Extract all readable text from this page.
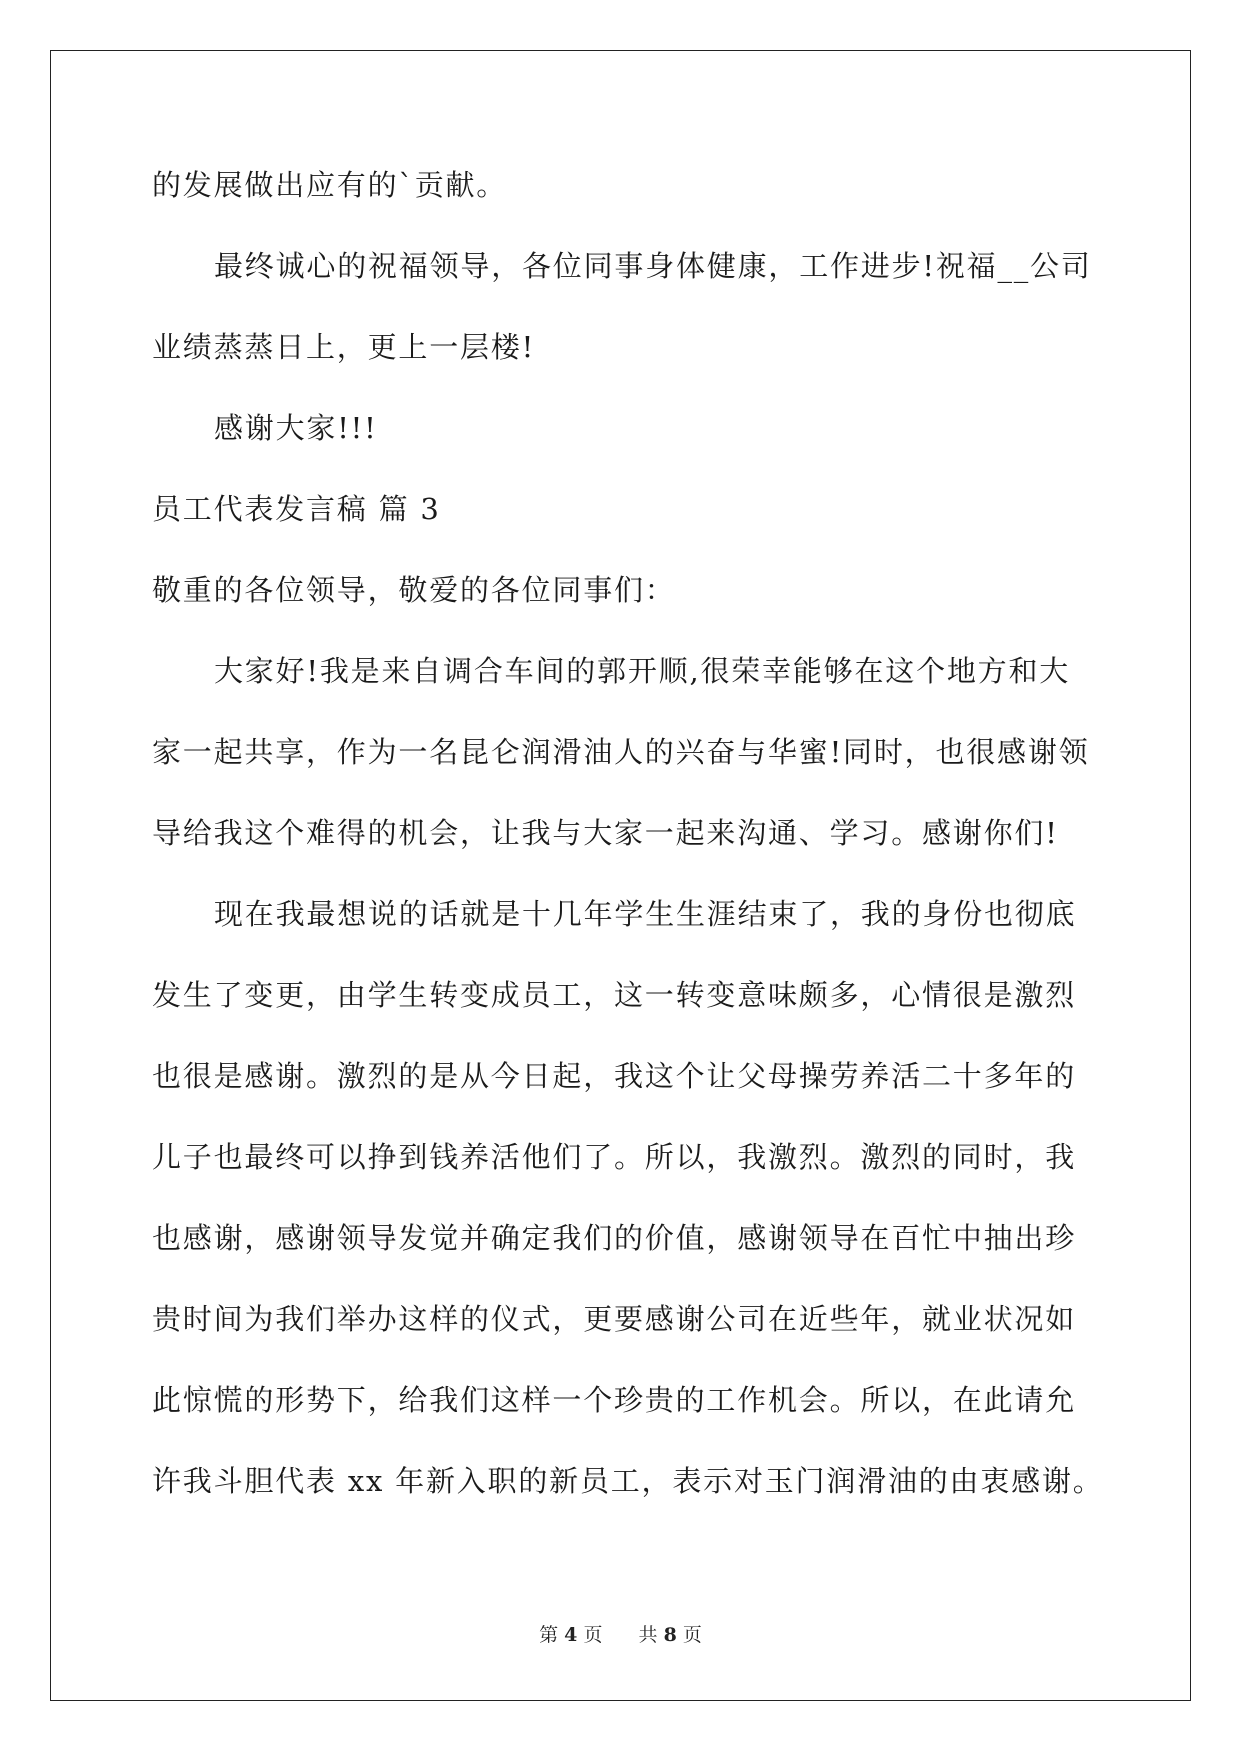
的发展做出应有的`贡献。
最终诚心的祝福领导，各位同事身体健康，工作进步!祝福__公司
业绩蒸蒸日上，更上一层楼!
感谢大家!!!
员工代表发言稿 篇 3
敬重的各位领导，敬爱的各位同事们：
大家好!我是来自调合车间的郭开顺,很荣幸能够在这个地方和大
家一起共享，作为一名昆仑润滑油人的兴奋与华蜜!同时，也很感谢领
导给我这个难得的机会，让我与大家一起来沟通、学习。感谢你们!
现在我最想说的话就是十几年学生生涯结束了，我的身份也彻底
发生了变更，由学生转变成员工，这一转变意味颇多，心情很是激烈
也很是感谢。激烈的是从今日起，我这个让父母操劳养活二十多年的
儿子也最终可以挣到钱养活他们了。所以，我激烈。激烈的同时，我
也感谢，感谢领导发觉并确定我们的价值，感谢领导在百忙中抽出珍
贵时间为我们举办这样的仪式，更要感谢公司在近些年，就业状况如
此惊慌的形势下，给我们这样一个珍贵的工作机会。所以，在此请允
许我斗胆代表 xx 年新入职的新员工，表示对玉门润滑油的由衷感谢。
第 4 页 共 8 页
